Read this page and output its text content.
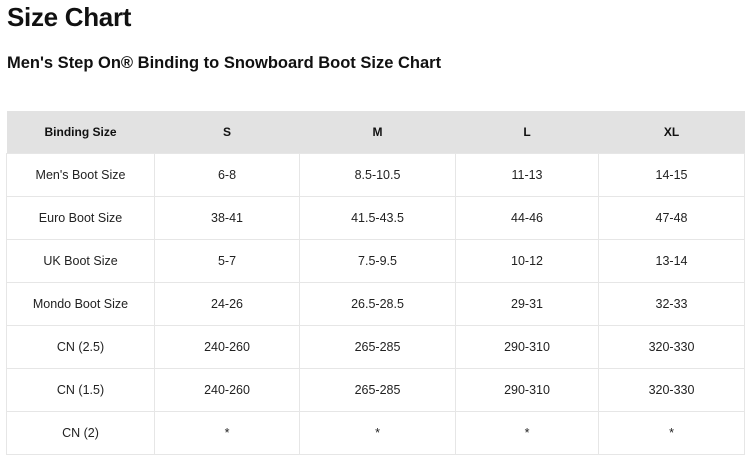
Size Chart
Men's Step On® Binding to Snowboard Boot Size Chart
Binding Size	S	M	L	XL
Men's Boot Size	6-8	8.5-10.5	11-13	14-15
Euro Boot Size	38-41	41.5-43.5	44-46	47-48
UK Boot Size	5-7	7.5-9.5	10-12	13-14
Mondo Boot Size	24-26	26.5-28.5	29-31	32-33
CN (2.5)	240-260	265-285	290-310	320-330
CN (1.5)	240-260	265-285	290-310	320-330
CN (2)	*	*	*	*
